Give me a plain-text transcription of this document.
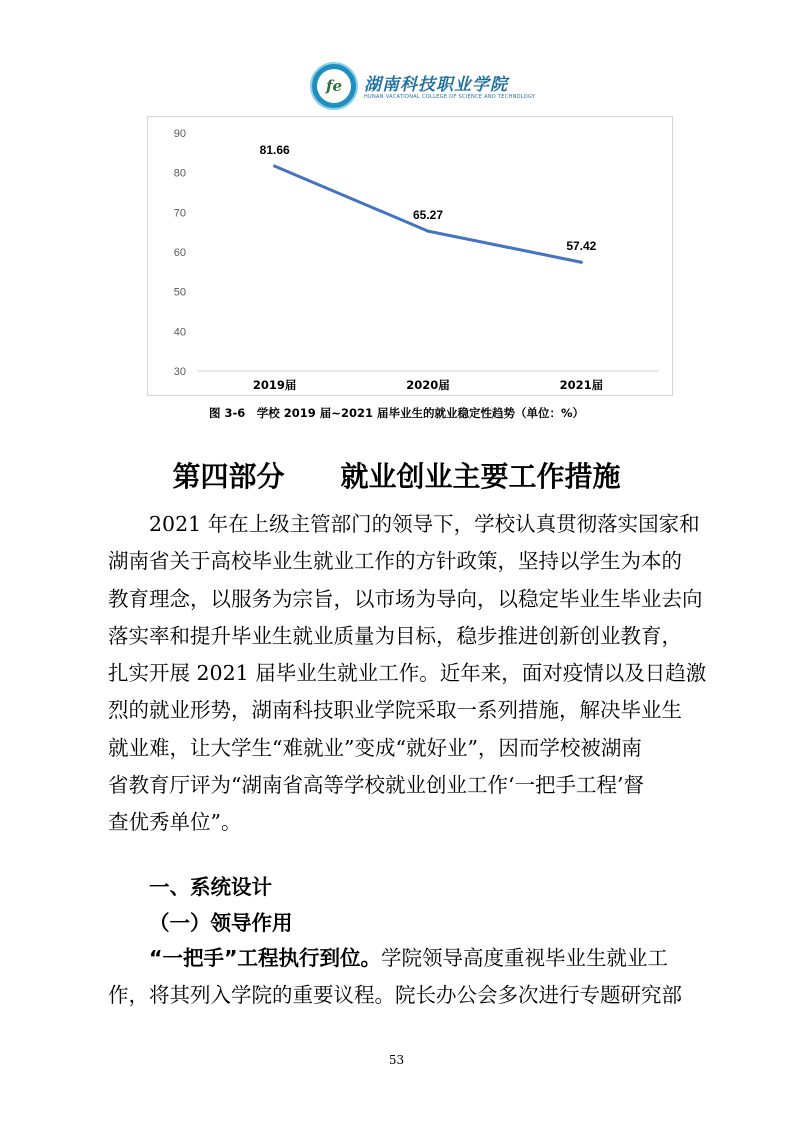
fe	湖南科技职业学院
HUNAN VACATIONAL COLLEGE OF SCIENCE AND TECHNOLOGY
90
80
70
60
50
40
30
2019届	2020届	2021届
81.66
65.27
57.42
图 3-6　学校 2019 届~2021 届毕业生的就业稳定性趋势（单位：%）
第四部分　　就业创业主要工作措施
2021 年在上级主管部门的领导下，学校认真贯彻落实国家和
湖南省关于高校毕业生就业工作的方针政策，坚持以学生为本的
教育理念，以服务为宗旨，以市场为导向，以稳定毕业生毕业去向
落实率和提升毕业生就业质量为目标，稳步推进创新创业教育，
扎实开展 2021 届毕业生就业工作。近年来，面对疫情以及日趋激
烈的就业形势，湖南科技职业学院采取一系列措施，解决毕业生
就业难，让大学生“难就业”变成“就好业”，因而学校被湖南
省教育厅评为“湖南省高等学校就业创业工作‘一把手工程’督
查优秀单位”。
一、系统设计
（一）领导作用
“一把手”工程执行到位。学院领导高度重视毕业生就业工
作，将其列入学院的重要议程。院长办公会多次进行专题研究部
53
